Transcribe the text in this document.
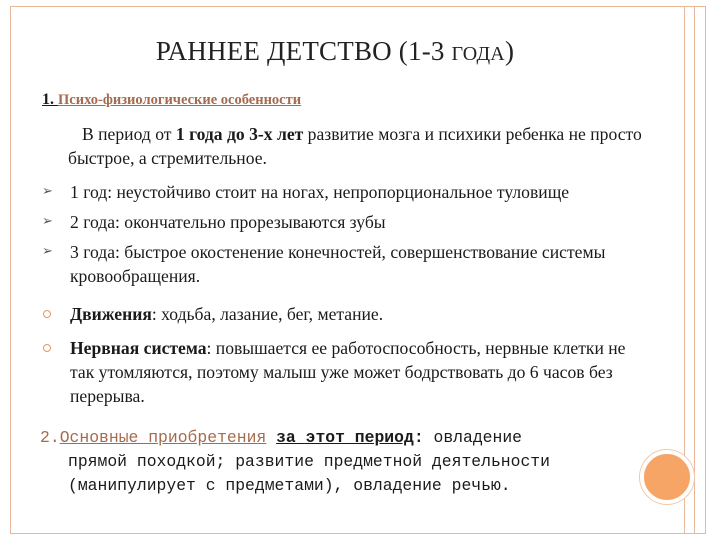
РАННЕЕ ДЕТСТВО (1-3 ГОДА)
1. Психо-физиологические особенности
В период от 1 года до 3-х лет развитие мозга и психики ребенка не просто быстрое, а стремительное.
➢ 1 год: неустойчиво стоит на ногах, непропорциональное туловище
➢ 2 года: окончательно прорезываются зубы
➢ 3 года: быстрое окостенение конечностей, совершенствование системы кровообращения.
Движения: ходьба, лазание, бег, метание.
Нервная система: повышается ее работоспособность, нервные клетки не так утомляются, поэтому малыш уже может бодрствовать до 6 часов без перерыва.
2.Основные приобретения за этот период: овладение
прямой походкой; развитие предметной деятельности (манипулирует с предметами), овладение речью.
